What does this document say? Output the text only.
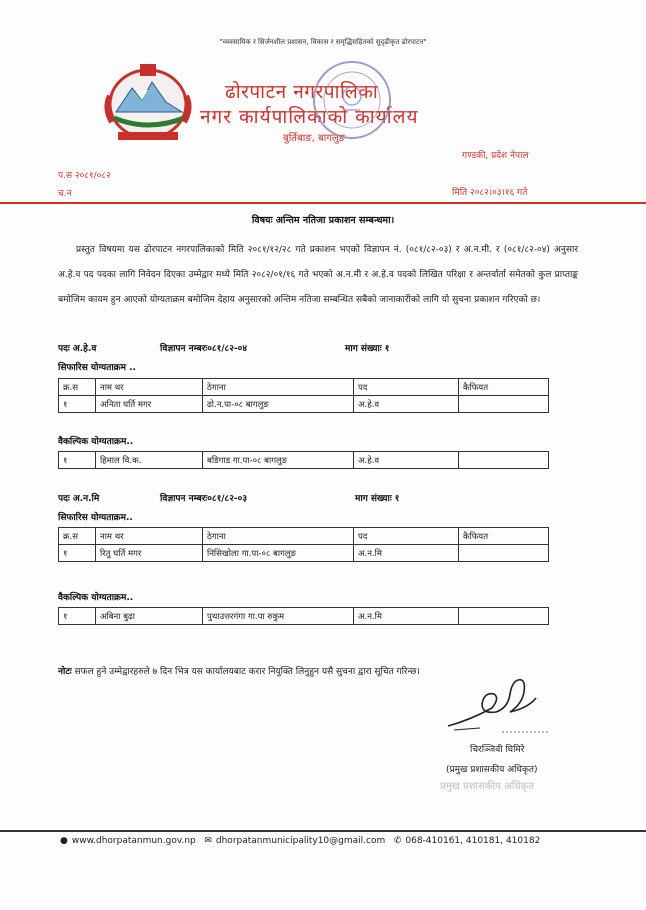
"व्यवसायिक र सिर्जनशील प्रशासन, विकास र समृद्धिसहितको सुदृढीकृत ढोरपाटन"
ढोरपाटन नगरपालिका
नगर कार्यपालिकाको कार्यालय
बुर्तिबाङ, बागलुङ
गण्डकी, प्रदेश नेपाल
प.स २०८१/०८२
च.न	मिति २०८२।०३।१६ गते
विषयः अन्तिम नतिजा प्रकाशन सम्बन्धमा।
प्रस्तुत विषयमा यस ढोरपाटन नगरपालिकाको मिति २०८१/१२/२८ गते प्रकाशन भएको विज्ञापन नं. (०८१/८२-०३) र अ.न.मी. र (०८१/८२-०४) अनुसार अ.हे.व पद पदका लागि निवेदन दिएका उम्मेद्वार मध्ये मिति २०८२/०१/१६ गते भएको अ.न.मी र अ.हे.व पदको लिखित परिक्षा र अन्तर्वार्ता समेतको कुल प्राप्ताङ्क बमोजिम कायम हुन आएको योग्यताक्रम बमोजिम देहाय अनुसारको अन्तिम नतिजा सम्बन्धित सबैको जानाकारीको लागि यो सुचना प्रकाशन गरिएको छ।
पदः अ.हे.व	विज्ञापन नम्बरः०८१/८२-०४	माग संख्याः १
सिफारिस योग्यताक्रम ..
क्र.स	नाम थर	ठेगाना	पद	कैफियत
१	अनिता घर्ति मगर	ढो.न.पा-०८ बागलुङ	अ.हे.व	
वैकल्पिक योग्यताक्रम..
१	हिमाल वि.क.	बडिगाड गा.पा-०८ बागलुङ	अ.हे.व	
पदः अ.न.मि	विज्ञापन नम्बरः०८१/८२-०३	माग संख्याः १
सिफारिस योग्यताक्रम..
क्र.स	नाम थर	ठेगाना	पद	कैफियत
१	रितु घर्ति मगर	निसिखोला गा.पा-०८ बागलुङ	अ.न.मि	
वैकल्पिक योग्यताक्रम..
१	अबिना बुढा	पुथाउत्तरगंगा गा.पा रुकुम	अ.न.मि	
नोटः सफल हुने उम्मेद्वारहरुले ७ दिन भित्र यस कार्यालयबाट करार नियुक्ति लिनुहुन यसै सुचना द्वारा सूचित गरिन्छ।
चिरञ्जिवी घिमिरे
(प्रमुख प्रशासकीय अधिकृत)
प्रमुख प्रशासकीय अधिकृत
● www.dhorpatanmun.gov.np ✉ dhorpatanmunicipality10@gmail.com ✆ 068-410161, 410181, 410182
